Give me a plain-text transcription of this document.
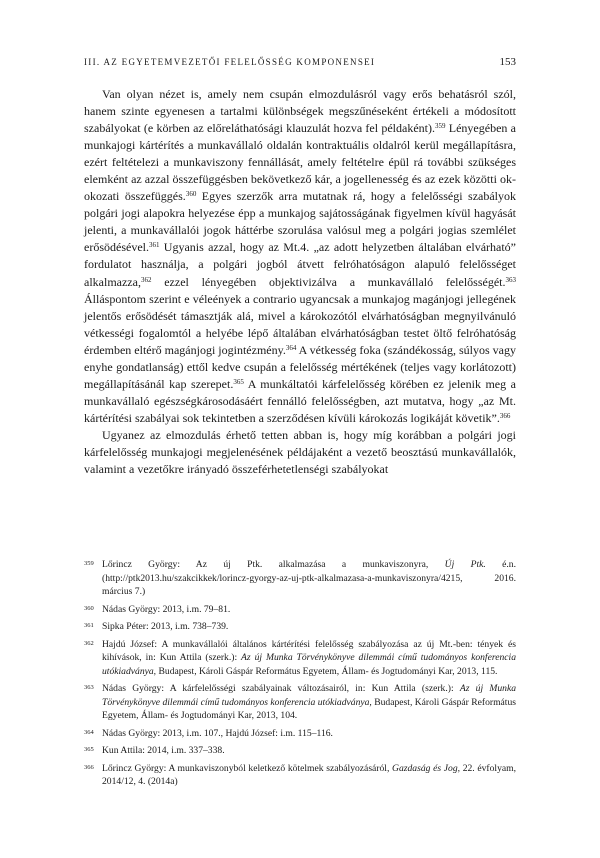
III. AZ EGYETEMVEZETŐI FELELŐSSÉG KOMPONENSEI	153

Van olyan nézet is, amely nem csupán elmozdulásról vagy erős behatásról szól, hanem szinte egyenesen a tartalmi különbségek megszűnéseként értékeli a módosított szabályokat (e körben az előreláthatósági klauzulát hozva fel példaként).$^{359}$ Lényegében a munkajogi kártérítés a munkavállaló oldalán kontraktuális oldalról kerül megállapításra, ezért feltételezi a munkaviszony fennállását, amely feltételre épül rá további szükséges elemként az azzal összefüggésben bekövetkező kár, a jogellenesség és az ezek közötti ok-okozati összefüggés.$^{360}$ Egyes szerzők arra mutatnak rá, hogy a felelősségi szabályok polgári jogi alapokra helyezése épp a munkajog sajátosságának figyelmen kívül hagyását jelenti, a munkavállalói jogok háttérbe szorulása valósul meg a polgári jogias szemlélet erősödésével.$^{361}$ Ugyanis azzal, hogy az Mt.4. „az adott helyzetben általában elvárható” fordulatot használja, a polgári jogból átvett felróhatóságon alapuló felelősséget alkalmazza,$^{362}$ ezzel lényegében objektivizálva a munkavállaló felelősségét.$^{363}$ Álláspontom szerint e véleények a contrario ugyancsak a munkajog magánjogi jellegének jelentős erősödését támasztják alá, mivel a károkozótól elvárhatóságban megnyilvánuló vétkességi fogalomtól a helyébe lépő általában elvárhatóságban testet öltő felróhatóság érdemben eltérő magánjogi jogintézmény.$^{364}$ A vétkesség foka (szándékosság, súlyos vagy enyhe gondatlanság) ettől kedve csupán a felelősség mértékének (teljes vagy korlátozott) megállapításánál kap szerepet.$^{365}$ A munkáltatói kárfelelősség körében ez jelenik meg a munkavállaló egészségkárosodásáért fennálló felelősségben, azt mutatva, hogy „az Mt. kártérítési szabályai sok tekintetben a szerződésen kívüli károkozás logikáját követik”.$^{366}$

Ugyanez az elmozdulás érhető tetten abban is, hogy míg korábban a polgári jogi kárfelelősség munkajogi megjelenésének példájaként a vezető beosztású munkavállalók, valamint a vezetőkre irányadó összeférhetetlenségi szabályokat

359 Lőrincz György: Az új Ptk. alkalmazása a munkaviszonyra, Új Ptk. é.n. (http://ptk2013.hu/szakcikkek/lorincz-gyorgy-az-uj-ptk-alkalmazasa-a-munkaviszonyra/4215, 2016. március 7.)
360 Nádas György: 2013, i.m. 79–81.
361 Sipka Péter: 2013, i.m. 738–739.
362 Hajdú József: A munkavállalói általános kártérítési felelősség szabályozása az új Mt.-ben: tények és kihívások, in: Kun Attila (szerk.): Az új Munka Törvénykönyve dilemmái című tudományos konferencia utókiadványa, Budapest, Károli Gáspár Református Egyetem, Állam- és Jogtudományi Kar, 2013, 115.
363 Nádas György: A kárfelelősségi szabályainak változásairól, in: Kun Attila (szerk.): Az új Munka Törvénykönyve dilemmái című tudományos konferencia utókiadványa, Budapest, Károli Gáspár Református Egyetem, Állam- és Jogtudományi Kar, 2013, 104.
364 Nádas György: 2013, i.m. 107., Hajdú József: i.m. 115–116.
365 Kun Attila: 2014, i.m. 337–338.
366 Lőrincz György: A munkaviszonyból keletkező kötelmek szabályozásáról, Gazdaság és Jog, 22. évfolyam, 2014/12, 4. (2014a)
